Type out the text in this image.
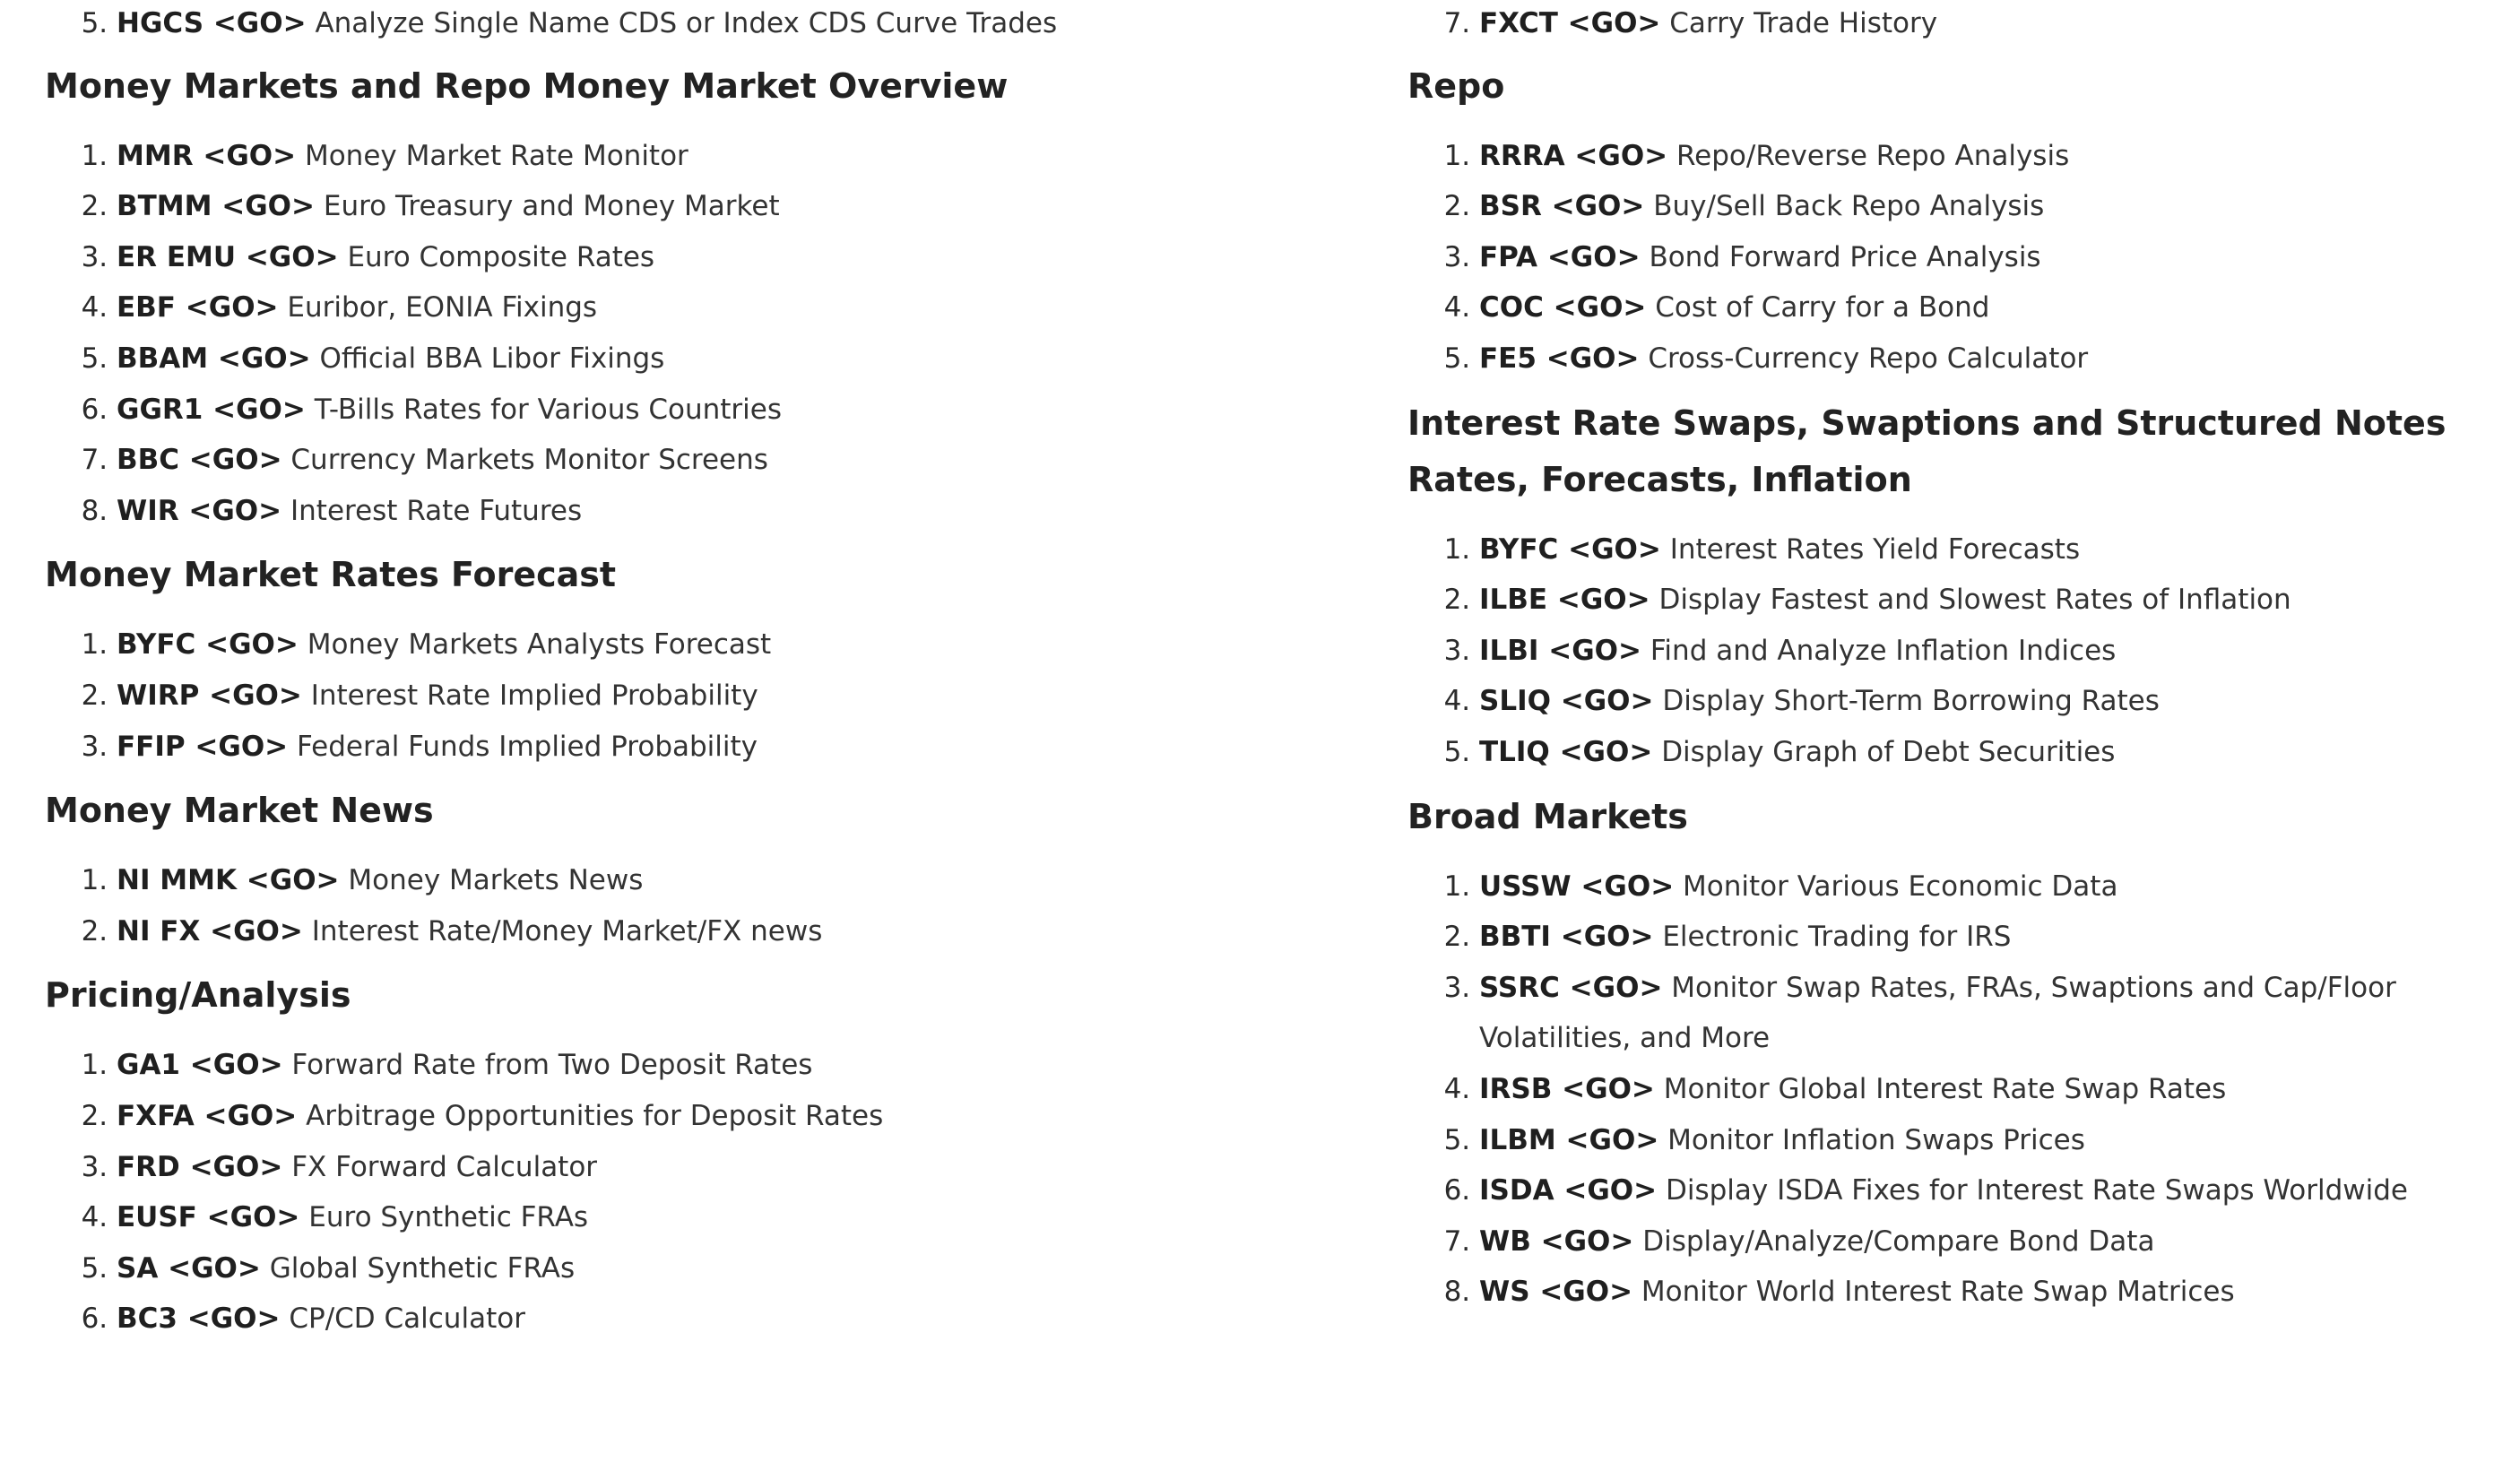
5. HGCS <GO> Analyze Single Name CDS or Index CDS Curve Trades
Money Markets and Repo Money Market Overview
1. MMR <GO> Money Market Rate Monitor
2. BTMM <GO> Euro Treasury and Money Market
3. ER EMU <GO> Euro Composite Rates
4. EBF <GO> Euribor, EONIA Fixings
5. BBAM <GO> Official BBA Libor Fixings
6. GGR1 <GO> T-Bills Rates for Various Countries
7. BBC <GO> Currency Markets Monitor Screens
8. WIR <GO> Interest Rate Futures
Money Market Rates Forecast
1. BYFC <GO> Money Markets Analysts Forecast
2. WIRP <GO> Interest Rate Implied Probability
3. FFIP <GO> Federal Funds Implied Probability
Money Market News
1. NI MMK <GO> Money Markets News
2. NI FX <GO> Interest Rate/Money Market/FX news
Pricing/Analysis
1. GA1 <GO> Forward Rate from Two Deposit Rates
2. FXFA <GO> Arbitrage Opportunities for Deposit Rates
3. FRD <GO> FX Forward Calculator
4. EUSF <GO> Euro Synthetic FRAs
5. SA <GO> Global Synthetic FRAs
6. BC3 <GO> CP/CD Calculator
7. FXCT <GO> Carry Trade History
Repo
1. RRRA <GO> Repo/Reverse Repo Analysis
2. BSR <GO> Buy/Sell Back Repo Analysis
3. FPA <GO> Bond Forward Price Analysis
4. COC <GO> Cost of Carry for a Bond
5. FE5 <GO> Cross-Currency Repo Calculator
Interest Rate Swaps, Swaptions and Structured Notes Rates, Forecasts, Inflation
1. BYFC <GO> Interest Rates Yield Forecasts
2. ILBE <GO> Display Fastest and Slowest Rates of Inflation
3. ILBI <GO> Find and Analyze Inflation Indices
4. SLIQ <GO> Display Short-Term Borrowing Rates
5. TLIQ <GO> Display Graph of Debt Securities
Broad Markets
1. USSW <GO> Monitor Various Economic Data
2. BBTI <GO> Electronic Trading for IRS
3. SSRC <GO> Monitor Swap Rates, FRAs, Swaptions and Cap/Floor Volatilities, and More
4. IRSB <GO> Monitor Global Interest Rate Swap Rates
5. ILBM <GO> Monitor Inflation Swaps Prices
6. ISDA <GO> Display ISDA Fixes for Interest Rate Swaps Worldwide
7. WB <GO> Display/Analyze/Compare Bond Data
8. WS <GO> Monitor World Interest Rate Swap Matrices
